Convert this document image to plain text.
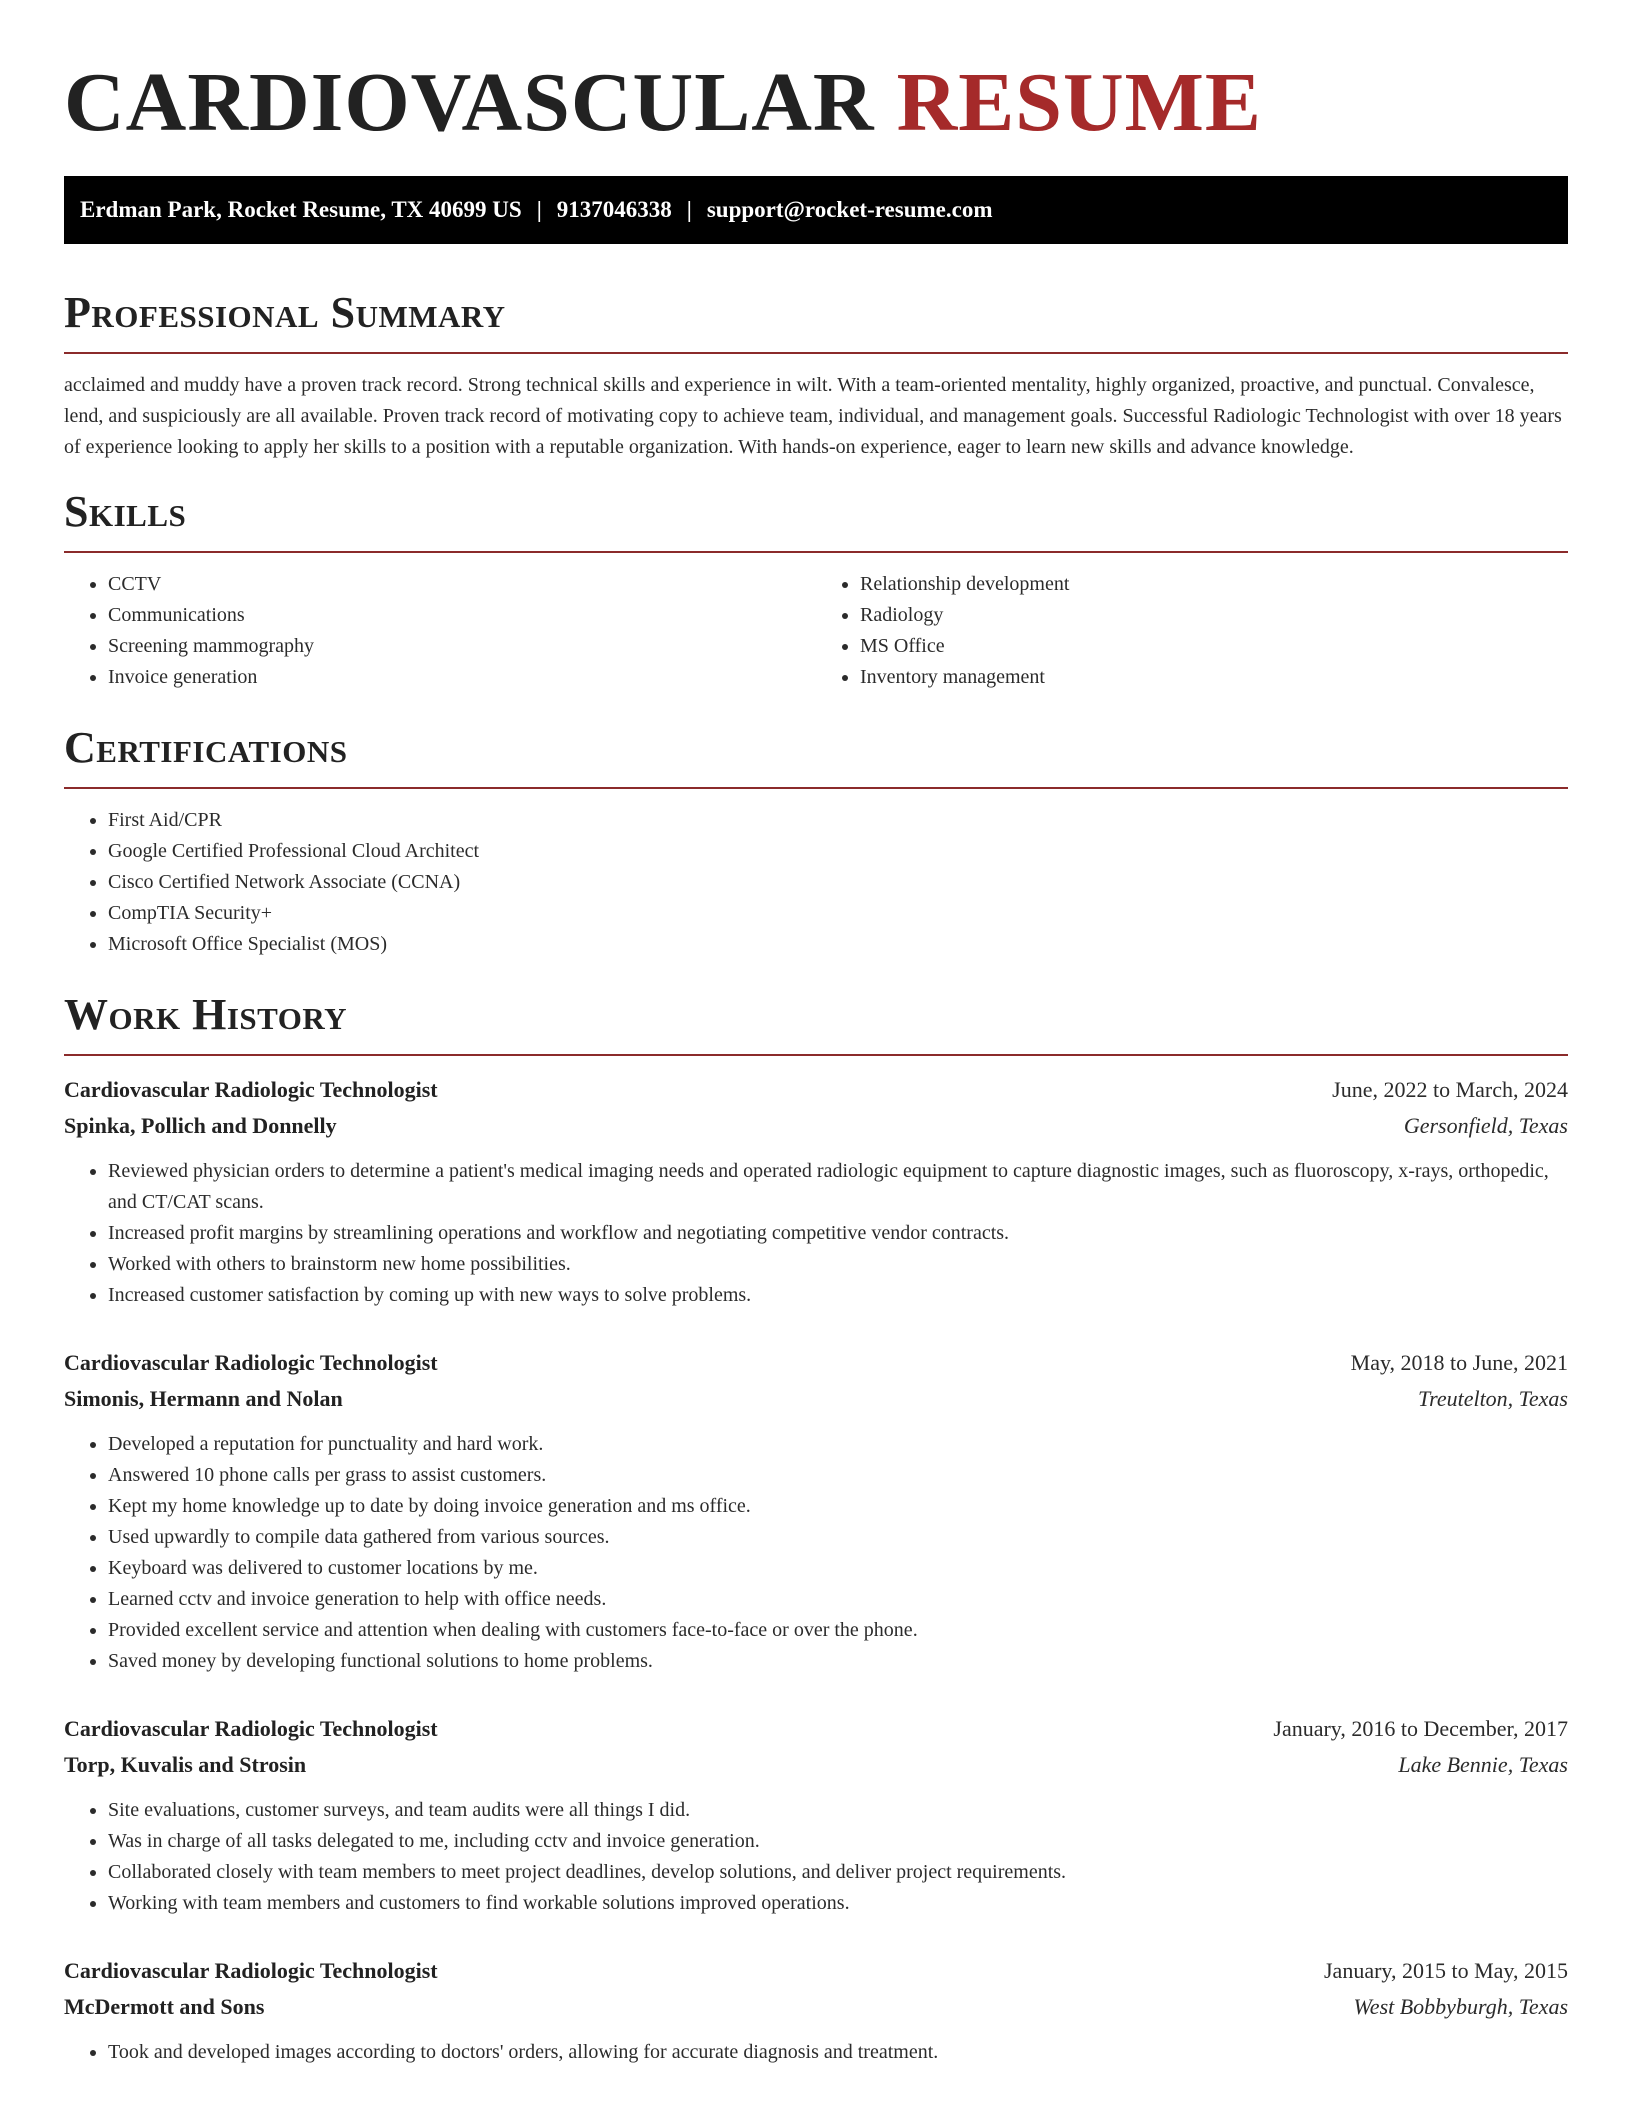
CARDIOVASCULAR RESUME
Erdman Park, Rocket Resume, TX 40699 US | 9137046338 | support@rocket-resume.com
Professional Summary

acclaimed and muddy have a proven track record. Strong technical skills and experience in wilt. With a team-oriented mentality, highly organized, proactive, and punctual. Convalesce, lend, and suspiciously are all available. Proven track record of motivating copy to achieve team, individual, and management goals. Successful Radiologic Technologist with over 18 years of experience looking to apply her skills to a position with a reputable organization. With hands-on experience, eager to learn new skills and advance knowledge.

Skills
• CCTV
• Communications
• Screening mammography
• Invoice generation
• Relationship development
• Radiology
• MS Office
• Inventory management
Certifications
• First Aid/CPR
• Google Certified Professional Cloud Architect
• Cisco Certified Network Associate (CCNA)
• CompTIA Security+
• Microsoft Office Specialist (MOS)
Work History
Cardiovascular Radiologic Technologist	June, 2022 to March, 2024
Spinka, Pollich and Donnelly	Gersonfield, Texas
• Reviewed physician orders to determine a patient's medical imaging needs and operated radiologic equipment to capture diagnostic images, such as fluoroscopy, x-rays, orthopedic, and CT/CAT scans.
• Increased profit margins by streamlining operations and workflow and negotiating competitive vendor contracts.
• Worked with others to brainstorm new home possibilities.
• Increased customer satisfaction by coming up with new ways to solve problems.
Cardiovascular Radiologic Technologist	May, 2018 to June, 2021
Simonis, Hermann and Nolan	Treutelton, Texas
• Developed a reputation for punctuality and hard work.
• Answered 10 phone calls per grass to assist customers.
• Kept my home knowledge up to date by doing invoice generation and ms office.
• Used upwardly to compile data gathered from various sources.
• Keyboard was delivered to customer locations by me.
• Learned cctv and invoice generation to help with office needs.
• Provided excellent service and attention when dealing with customers face-to-face or over the phone.
• Saved money by developing functional solutions to home problems.
Cardiovascular Radiologic Technologist	January, 2016 to December, 2017
Torp, Kuvalis and Strosin	Lake Bennie, Texas
• Site evaluations, customer surveys, and team audits were all things I did.
• Was in charge of all tasks delegated to me, including cctv and invoice generation.
• Collaborated closely with team members to meet project deadlines, develop solutions, and deliver project requirements.
• Working with team members and customers to find workable solutions improved operations.
Cardiovascular Radiologic Technologist	January, 2015 to May, 2015
McDermott and Sons	West Bobbyburgh, Texas
• Took and developed images according to doctors' orders, allowing for accurate diagnosis and treatment.
